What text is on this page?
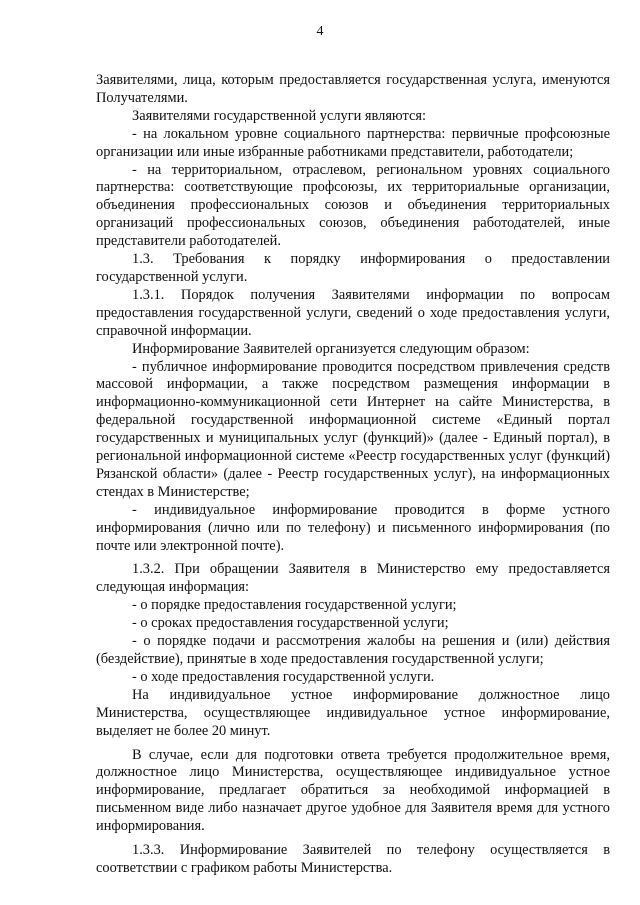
4

Заявителями, лица, которым предоставляется государственная услуга, именуются Получателями.

Заявителями государственной услуги являются:

- на локальном уровне социального партнерства: первичные профсоюзные организации или иные избранные работниками представители, работодатели;

- на территориальном, отраслевом, региональном уровнях социального партнерства: соответствующие профсоюзы, их территориальные организации, объединения профессиональных союзов и объединения территориальных организаций профессиональных союзов, объединения работодателей, иные представители работодателей.

1.3. Требования к порядку информирования о предоставлении государственной услуги.

1.3.1. Порядок получения Заявителями информации по вопросам предоставления государственной услуги, сведений о ходе предоставления услуги, справочной информации.

Информирование Заявителей организуется следующим образом:

- публичное информирование проводится посредством привлечения средств массовой информации, а также посредством размещения информации в информационно-коммуникационной сети Интернет на сайте Министерства, в федеральной государственной информационной системе «Единый портал государственных и муниципальных услуг (функций)» (далее - Единый портал), в региональной информационной системе «Реестр государственных услуг (функций) Рязанской области» (далее - Реестр государственных услуг), на информационных стендах в Министерстве;

- индивидуальное информирование проводится в форме устного информирования (лично или по телефону) и письменного информирования (по почте или электронной почте).

1.3.2. При обращении Заявителя в Министерство ему предоставляется следующая информация:

- о порядке предоставления государственной услуги;

- о сроках предоставления государственной услуги;

- о порядке подачи и рассмотрения жалобы на решения и (или) действия (бездействие), принятые в ходе предоставления государственной услуги;

- о ходе предоставления государственной услуги.

На индивидуальное устное информирование должностное лицо Министерства, осуществляющее индивидуальное устное информирование, выделяет не более 20 минут.

В случае, если для подготовки ответа требуется продолжительное время, должностное лицо Министерства, осуществляющее индивидуальное устное информирование, предлагает обратиться за необходимой информацией в письменном виде либо назначает другое удобное для Заявителя время для устного информирования.

1.3.3. Информирование Заявителей по телефону осуществляется в соответствии с графиком работы Министерства.
